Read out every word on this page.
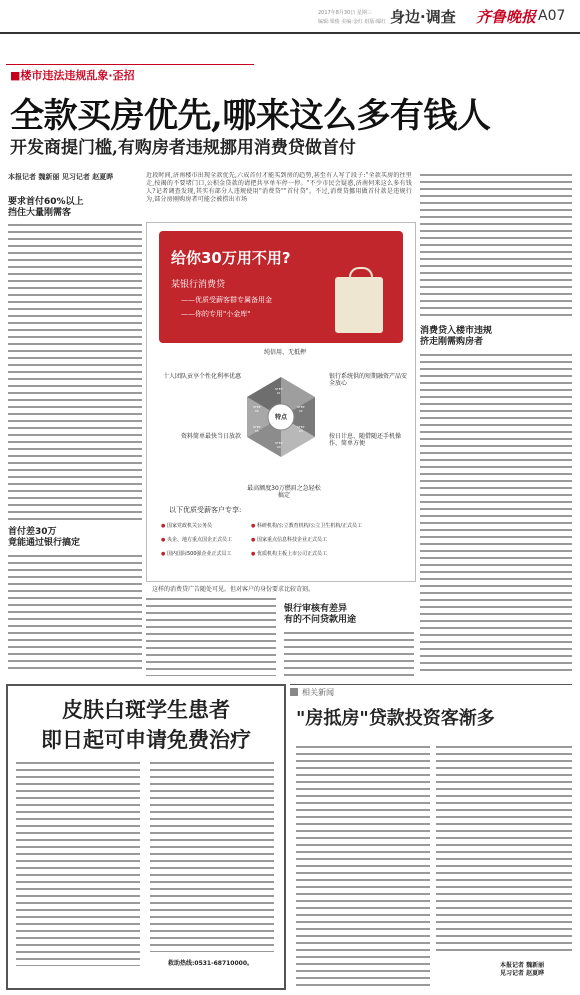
2017年8月30日 星期三
编辑:梁俊 美编:金红 组版:曝红 身边·调查 齐鲁晚报 A07
■楼市违法违规乱象·歪招
全款买房优先,哪来这么多有钱人
开发商提门槛,有购房者违规挪用消费贷做首付
本报记者 魏新丽 见习记者 赵夏晔	近段时间,济南楼市出现全款优先,六成首付才能买到房的趋势,甚至有人写了段子:"全款买房的往里走,按揭的不要堵门口,公积金贷款的请把共享单车停一停。"不少市民会疑惑,济南何来这么多有钱人?记者调查发现,其实有部分人违规使用"消费贷""首付贷"。不过,消费贷挪用做首付款是违规行为,部分房刚购房者可能会被捞出市场
要求首付60%以上
挡住大量刚需客
首付差30万
竟能通过银行搞定
给你30万用不用?
某银行消费贷
——优质受薪客群专属备用金
——你的专用"小金库"
特点
STEP
01
STEP
02
STEP
03
STEP
04
STEP
05
STEP
06
纯信用、无抵押
银行系统供的短期融资产品安全放心
按日计息、随借随还手机操作、简单方便
最高额度30万燃眉之急轻松搞定
资料简单最快当日放款
十人团队贡享个性化利率优惠
以下优质受薪客户专享:
● 国家党政机关公务员	● 科研机构/公立教育机构/公立卫生机构/正式员工
● 央企、地方重点国企正式员工	● 国家重点信息科技企业正式员工
● 国内国际500强企业正式员工	● 优质机构主板上市公司正式员工
这样的消费贷广告随处可见。但对客户的身份要求比较苛刻。
消费贷入楼市违规
挤走刚需购房者
银行审核有差异
有的不问贷款用途
皮肤白斑学生患者
即日起可申请免费治疗
救助热线:0531-68710000。
相关新闻
"房抵房"贷款投资客渐多
本报记者 魏新丽
见习记者 赵夏晔
